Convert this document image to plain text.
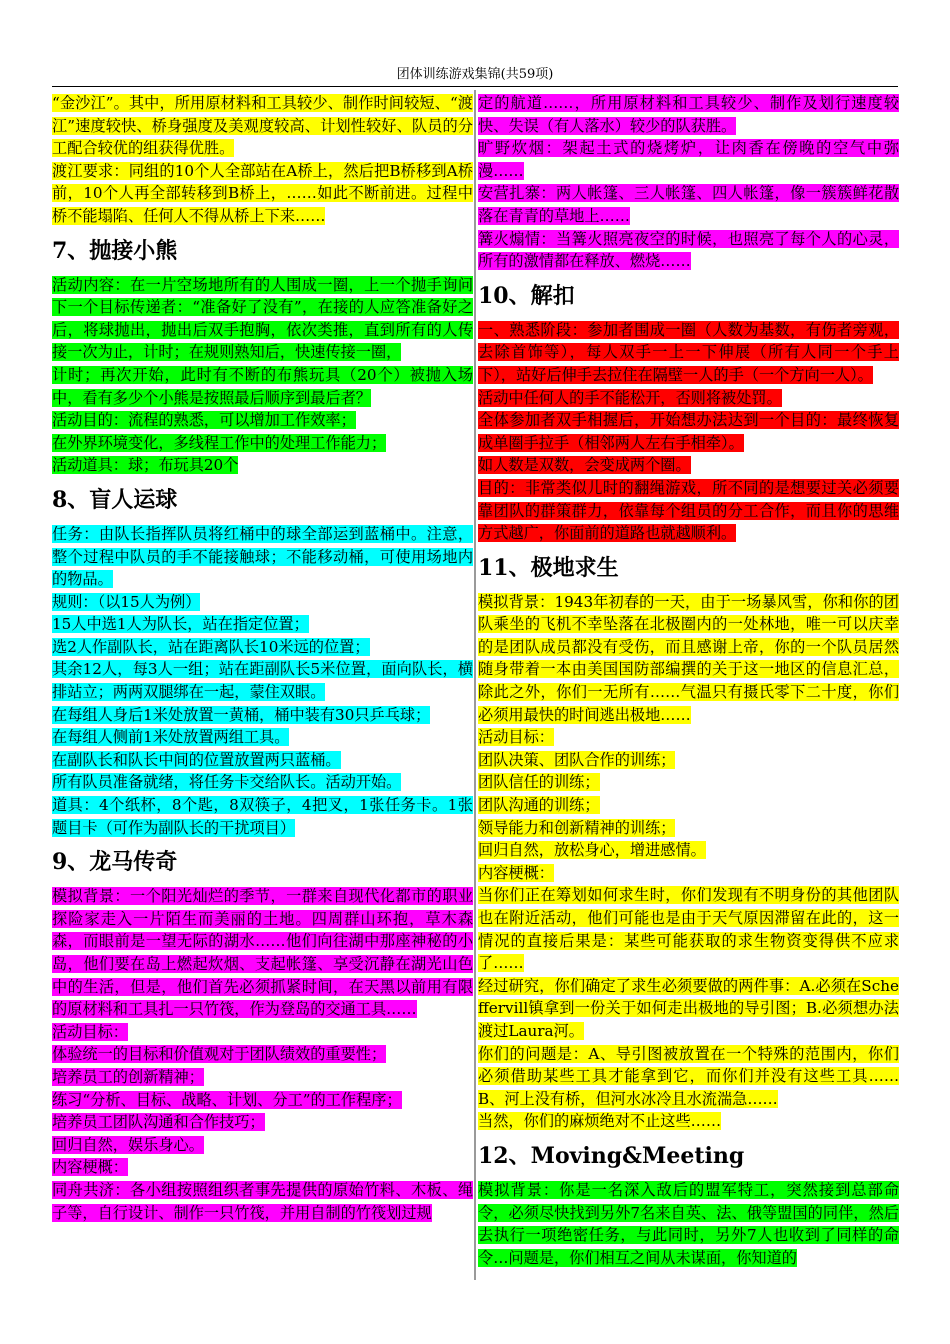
团体训练游戏集锦(共59项)

“金沙江”。其中，所用原材料和工具较少、制作时间较短、“渡江”速度较快、桥身强度及美观度较高、计划性较好、队员的分工配合较优的组获得优胜。

渡江要求：同组的10个人全部站在A桥上，然后把B桥移到A桥前，10个人再全部转移到B桥上，……如此不断前进。过程中桥不能塌陷、任何人不得从桥上下来……

7、抛接小熊

活动内容：在一片空场地所有的人围成一圈，上一个抛手询问下一个目标传递者：“准备好了没有”，在接的人应答准备好之后，将球抛出，抛出后双手抱胸，依次类推，直到所有的人传接一次为止，计时；在规则熟知后，快速传接一圈，

计时；再次开始，此时有不断的布熊玩具（20个）被抛入场中，看有多少个小熊是按照最后顺序到最后者？

活动目的：流程的熟悉，可以增加工作效率；

在外界环境变化，多线程工作中的处理工作能力；

活动道具：球；布玩具20个

8、盲人运球

任务：由队长指挥队员将红桶中的球全部运到蓝桶中。注意，整个过程中队员的手不能接触球；不能移动桶，可使用场地内的物品。

规则：（以15人为例）

15人中选1人为队长，站在指定位置；

选2人作副队长，站在距离队长10米远的位置；

其余12人，每3人一组；站在距副队长5米位置，面向队长，横排站立；两两双腿绑在一起，蒙住双眼。

在每组人身后1米处放置一黄桶，桶中装有30只乒乓球；

在每组人侧前1米处放置两组工具。

在副队长和队长中间的位置放置两只蓝桶。

所有队员准备就绪，将任务卡交给队长。活动开始。

道具：4个纸杯，8个匙，8双筷子，4把叉，1张任务卡。1张题目卡（可作为副队长的干扰项目）

9、龙马传奇

模拟背景：一个阳光灿烂的季节，一群来自现代化都市的职业探险家走入一片陌生而美丽的土地。四周群山环抱，草木森森，而眼前是一望无际的湖水……他们向往湖中那座神秘的小岛，他们要在岛上燃起炊烟、支起帐篷、享受沉静在湖光山色中的生活，但是，他们首先必须抓紧时间，在天黑以前用有限的原材料和工具扎一只竹筏，作为登岛的交通工具……

活动目标：

体验统一的目标和价值观对于团队绩效的重要性；

培养员工的创新精神；

练习“分析、目标、战略、计划、分工”的工作程序；

培养员工团队沟通和合作技巧；

回归自然，娱乐身心。

内容梗概：

同舟共济：各小组按照组织者事先提供的原始竹料、木板、绳子等，自行设计、制作一只竹筏，并用自制的竹筏划过规

定的航道……，所用原材料和工具较少、制作及划行速度较快、失误（有人落水）较少的队获胜。

旷野炊烟：架起土式的烧烤炉，让肉香在傍晚的空气中弥漫……

安营扎寨：两人帐篷、三人帐篷、四人帐篷，像一簇簇鲜花散落在青青的草地上……

篝火煽情：当篝火照亮夜空的时候，也照亮了每个人的心灵，所有的激情都在释放、燃烧……

10、解扣

一、熟悉阶段：参加者围成一圈（人数为基数，有伤者旁观，去除首饰等），每人双手一上一下伸展（所有人同一个手上下），站好后伸手去拉住在隔壁一人的手（一个方向一人）。

活动中任何人的手不能松开，否则将被处罚。

全体参加者双手相握后，开始想办法达到一个目的：最终恢复成单圈手拉手（相邻两人左右手相牵）。

如人数是双数，会变成两个圈。

目的：非常类似儿时的翻绳游戏，所不同的是想要过关必须要靠团队的群策群力，依靠每个组员的分工合作，而且你的思维方式越广，你面前的道路也就越顺利。

11、极地求生

模拟背景：1943年初春的一天，由于一场暴风雪，你和你的团队乘坐的飞机不幸坠落在北极圈内的一处林地，唯一可以庆幸的是团队成员都没有受伤，而且感谢上帝，你的一个队员居然随身带着一本由美国国防部编撰的关于这一地区的信息汇总，除此之外，你们一无所有……气温只有摄氏零下二十度，你们必须用最快的时间逃出极地……

活动目标：

团队决策、团队合作的训练；

团队信任的训练；

团队沟通的训练；

领导能力和创新精神的训练；

回归自然，放松身心，增进感情。

内容梗概：

当你们正在筹划如何求生时，你们发现有不明身份的其他团队也在附近活动，他们可能也是由于天气原因滞留在此的，这一情况的直接后果是：某些可能获取的求生物资变得供不应求了……

经过研究，你们确定了求生必须要做的两件事：A.必须在Scheffervill镇拿到一份关于如何走出极地的导引图；B.必须想办法渡过Laura河。

你们的问题是：A、导引图被放置在一个特殊的范围内，你们必须借助某些工具才能拿到它，而你们并没有这些工具……B、河上没有桥，但河水冰冷且水流湍急……

当然，你们的麻烦绝对不止这些……

12、Moving&Meeting

模拟背景：你是一名深入敌后的盟军特工，突然接到总部命令，必须尽快找到另外7名来自英、法、俄等盟国的同伴，然后去执行一项绝密任务，与此同时，另外7人也收到了同样的命令…问题是，你们相互之间从未谋面，你知道的
